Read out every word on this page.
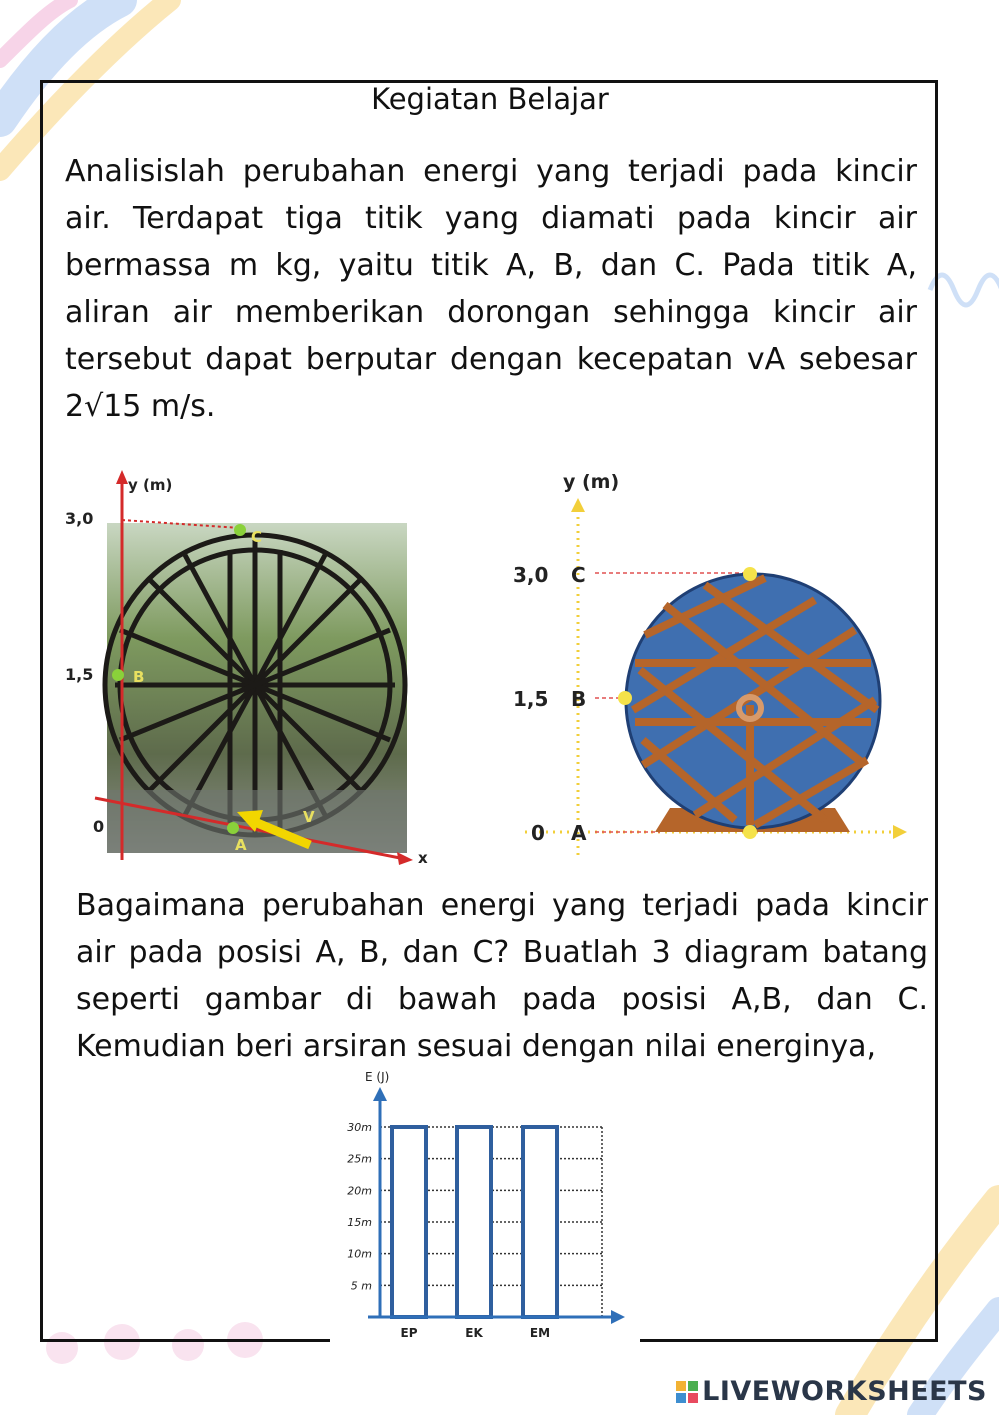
Kegiatan Belajar
Analisislah perubahan energi yang terjadi pada kincir air. Terdapat tiga titik yang diamati pada kincir air bermassa m kg, yaitu titik A, B, dan C. Pada titik A, aliran air memberikan dorongan sehingga kincir air tersebut dapat berputar dengan kecepatan vA sebesar 2√15 m/s.
y (m)
x
3,0
1,5
0
C
B
A
V
y (m)
3,0
1,5
0
C
B
A
Bagaimana perubahan energi yang terjadi pada kincir air pada posisi A, B, dan C? Buatlah 3 diagram batang seperti gambar di bawah pada posisi A,B, dan C. Kemudian beri arsiran sesuai dengan nilai energinya,
E (J)
5 m
10m
15m
20m
25m
30m
EP	EK	EM
LIVEWORKSHEETS
